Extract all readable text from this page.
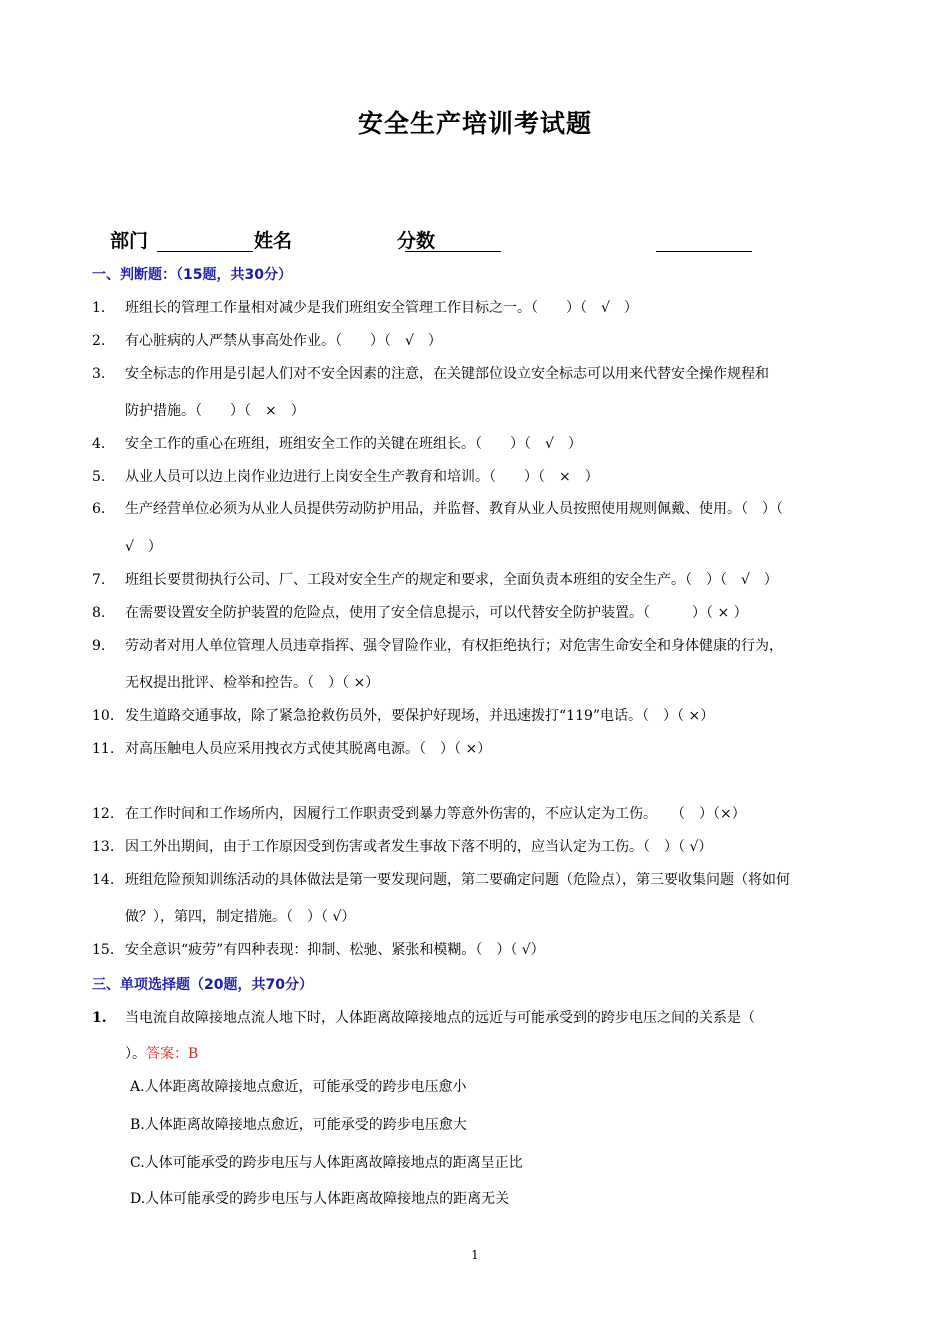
安全生产培训考试题
部门	姓名	分数
一、判断题：（15题，共30分）
1. 班组长的管理工作量相对减少是我们班组安全管理工作目标之一。（　　）（　√　）
2. 有心脏病的人严禁从事高处作业。（　　）（　√　）
3. 安全标志的作用是引起人们对不安全因素的注意，在关键部位设立安全标志可以用来代替安全操作规程和
防护措施。（　　）（　×　）
4. 安全工作的重心在班组，班组安全工作的关键在班组长。（　　）（　√　）
5. 从业人员可以边上岗作业边进行上岗安全生产教育和培训。（　　）（　×　）
6. 生产经营单位必须为从业人员提供劳动防护用品，并监督、教育从业人员按照使用规则佩戴、使用。（　）（
√　）
7. 班组长要贯彻执行公司、厂、工段对安全生产的规定和要求，全面负责本班组的安全生产。（　）（　√　）
8. 在需要设置安全防护装置的危险点，使用了安全信息提示，可以代替安全防护装置。（　　　）（ × ）
9. 劳动者对用人单位管理人员违章指挥、强令冒险作业，有权拒绝执行；对危害生命安全和身体健康的行为，
无权提出批评、检举和控告。（　）（ ×）
10. 发生道路交通事故，除了紧急抢救伤员外，要保护好现场，并迅速拨打“119”电话。（　）（ ×）
11. 对高压触电人员应采用拽衣方式使其脱离电源。（　）（ ×）
12. 在工作时间和工作场所内，因履行工作职责受到暴力等意外伤害的，不应认定为工伤。　　（　）（×）
13. 因工外出期间，由于工作原因受到伤害或者发生事故下落不明的，应当认定为工伤。（　）（ √）
14. 班组危险预知训练活动的具体做法是第一要发现问题，第二要确定问题（危险点），第三要收集问题（将如何
做？），第四，制定措施。（　）（ √）
15. 安全意识“疲劳”有四种表现：抑制、松驰、紧张和模糊。（　）（ √）
三、单项选择题（20题，共70分）
1. 当电流自故障接地点流人地下时，人体距离故障接地点的远近与可能承受到的跨步电压之间的关系是（
）。答案：B
A.人体距离故障接地点愈近，可能承受的跨步电压愈小
B.人体距离故障接地点愈近，可能承受的跨步电压愈大
C.人体可能承受的跨步电压与人体距离故障接地点的距离呈正比
D.人体可能承受的跨步电压与人体距离故障接地点的距离无关
1
